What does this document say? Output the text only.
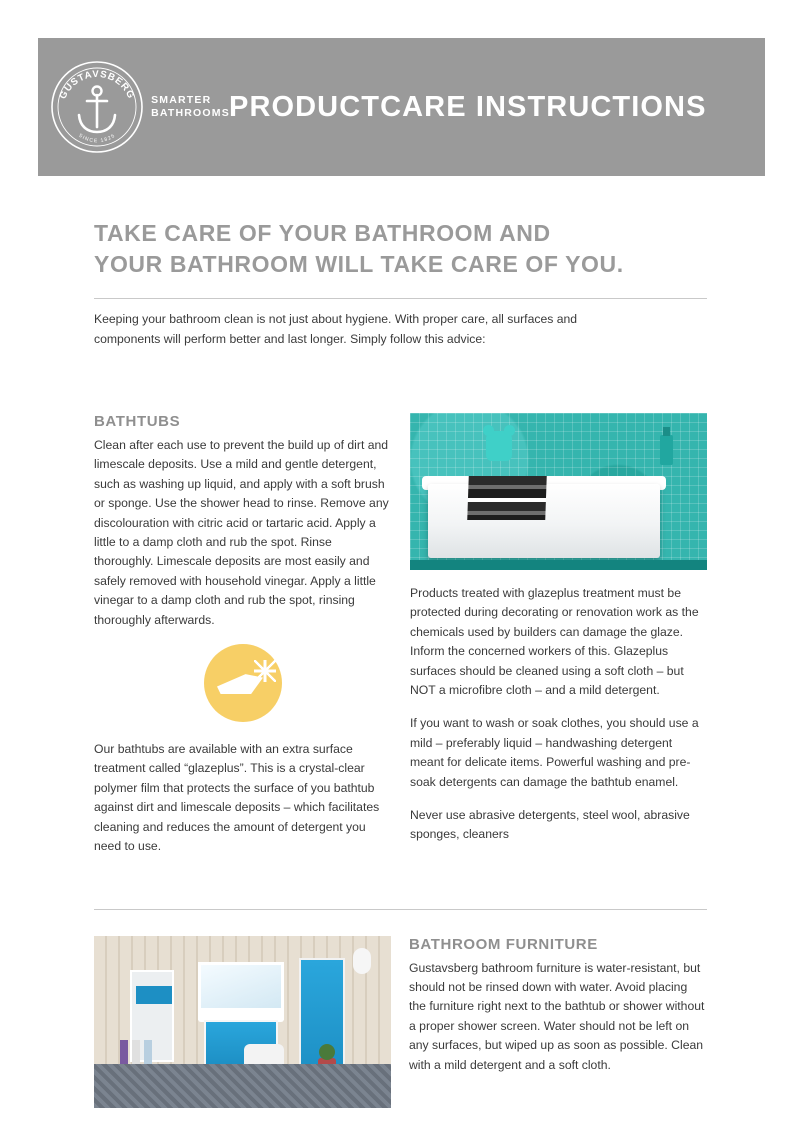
GUSTAVSBERG
SINCE 1825
SMARTER
BATHROOMS PRODUCTCARE INSTRUCTIONS
TAKE CARE OF YOUR BATHROOM AND
YOUR BATHROOM WILL TAKE CARE OF YOU.

Keeping your bathroom clean is not just about hygiene. With proper care, all surfaces and components will perform better and last longer. Simply follow this advice:

BATHTUBS

Clean after each use to prevent the build up of dirt and limescale deposits. Use a mild and gentle detergent, such as washing up liquid, and apply with a soft brush or sponge. Use the shower head to rinse. Remove any discolouration with citric acid or tartaric acid. Apply a little to a damp cloth and rub the spot. Rinse thoroughly. Limescale deposits are most easily and safely removed with household vinegar. Apply a little vinegar to a damp cloth and rub the spot, rinsing thoroughly afterwards.

Our bathtubs are available with an extra surface treatment called “glazeplus”. This is a crystal-clear polymer film that protects the surface of you bathtub against dirt and limescale deposits – which facilitates cleaning and reduces the amount of detergent you need to use.

Products treated with glazeplus treatment must be protected during decorating or renovation work as the chemicals used by builders can damage the glaze. Inform the concerned workers of this. Glazeplus surfaces should be cleaned using a soft cloth – but NOT a microfibre cloth – and a mild detergent.

If you want to wash or soak clothes, you should use a mild – preferably liquid – handwashing detergent meant for delicate items. Powerful washing and pre-soak detergents can damage the bathtub enamel.

Never use abrasive detergents, steel wool, abrasive sponges, cleaners

BATHROOM FURNITURE

Gustavsberg bathroom furniture is water-resistant, but should not be rinsed down with water. Avoid placing the furniture right next to the bathtub or shower without a proper shower screen. Water should not be left on any surfaces, but wiped up as soon as possible. Clean with a mild detergent and a soft cloth.
